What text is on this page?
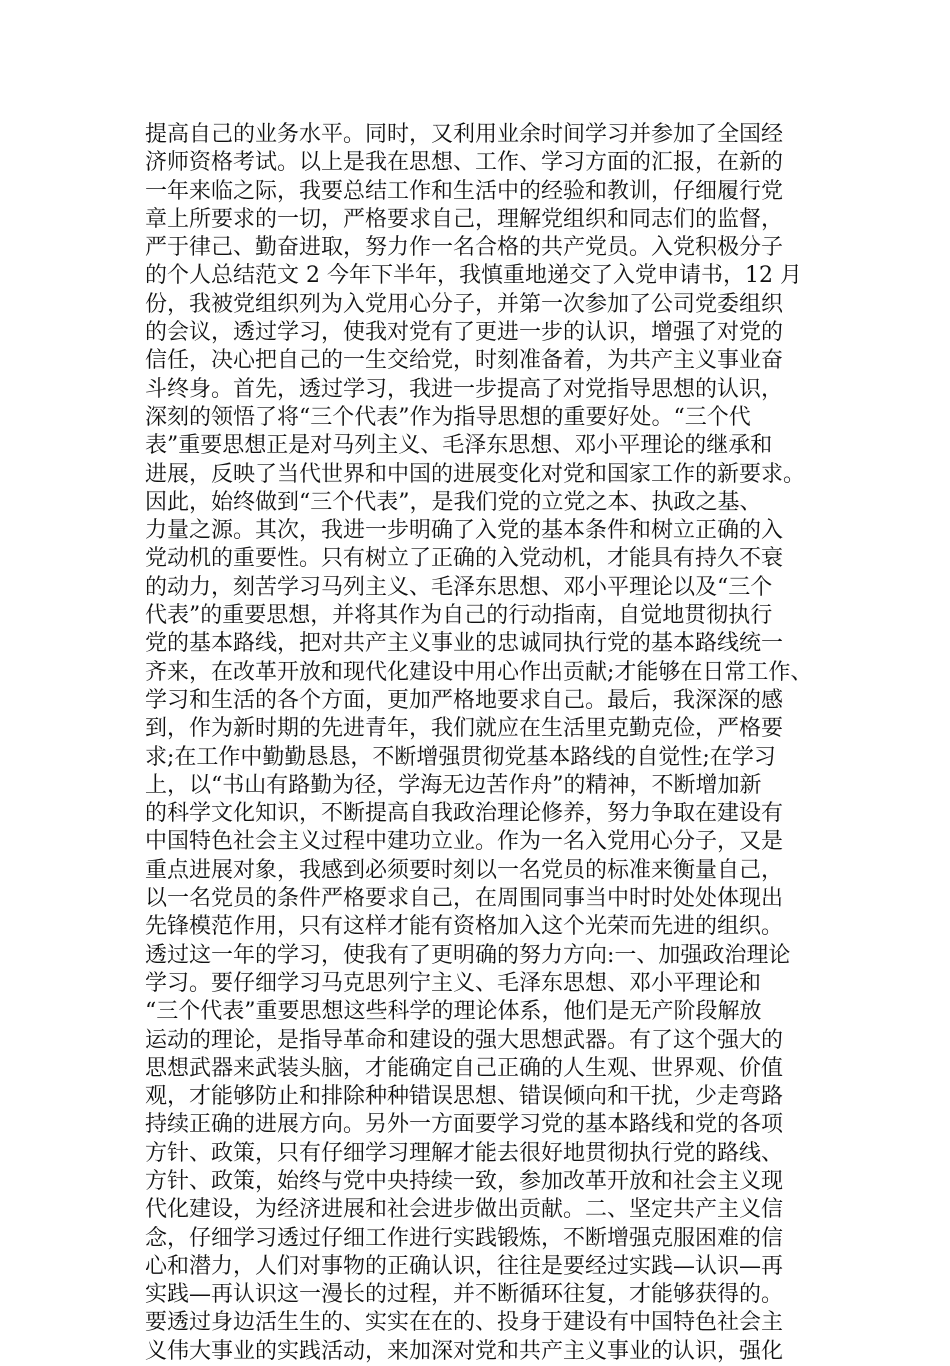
提高自己的业务水平。同时，又利用业余时间学习并参加了全国经
济师资格考试。以上是我在思想、工作、学习方面的汇报，在新的
一年来临之际，我要总结工作和生活中的经验和教训，仔细履行党
章上所要求的一切，严格要求自己，理解党组织和同志们的监督，
严于律己、勤奋进取，努力作一名合格的共产党员。入党积极分子
的个人总结范文 2 今年下半年，我慎重地递交了入党申请书，12 月
份，我被党组织列为入党用心分子，并第一次参加了公司党委组织
的会议，透过学习，使我对党有了更进一步的认识，增强了对党的
信任，决心把自己的一生交给党，时刻准备着，为共产主义事业奋
斗终身。首先，透过学习，我进一步提高了对党指导思想的认识，
深刻的领悟了将“三个代表”作为指导思想的重要好处。“三个代
表”重要思想正是对马列主义、毛泽东思想、邓小平理论的继承和
进展，反映了当代世界和中国的进展变化对党和国家工作的新要求。
因此，始终做到“三个代表”，是我们党的立党之本、执政之基、
力量之源。其次，我进一步明确了入党的基本条件和树立正确的入
党动机的重要性。只有树立了正确的入党动机，才能具有持久不衰
的动力，刻苦学习马列主义、毛泽东思想、邓小平理论以及“三个
代表”的重要思想，并将其作为自己的行动指南，自觉地贯彻执行
党的基本路线，把对共产主义事业的忠诚同执行党的基本路线统一
齐来，在改革开放和现代化建设中用心作出贡献;才能够在日常工作、
学习和生活的各个方面，更加严格地要求自己。最后，我深深的感
到，作为新时期的先进青年，我们就应在生活里克勤克俭，严格要
求;在工作中勤勤恳恳，不断增强贯彻党基本路线的自觉性;在学习
上，以“书山有路勤为径，学海无边苦作舟”的精神，不断增加新
的科学文化知识，不断提高自我政治理论修养，努力争取在建设有
中国特色社会主义过程中建功立业。作为一名入党用心分子，又是
重点进展对象，我感到必须要时刻以一名党员的标准来衡量自己，
以一名党员的条件严格要求自己，在周围同事当中时时处处体现出
先锋模范作用，只有这样才能有资格加入这个光荣而先进的组织。
透过这一年的学习，使我有了更明确的努力方向:一、加强政治理论
学习。要仔细学习马克思列宁主义、毛泽东思想、邓小平理论和
“三个代表”重要思想这些科学的理论体系，他们是无产阶段解放
运动的理论，是指导革命和建设的强大思想武器。有了这个强大的
思想武器来武装头脑，才能确定自己正确的人生观、世界观、价值
观，才能够防止和排除种种错误思想、错误倾向和干扰，少走弯路
持续正确的进展方向。另外一方面要学习党的基本路线和党的各项
方针、政策，只有仔细学习理解才能去很好地贯彻执行党的路线、
方针、政策，始终与党中央持续一致，参加改革开放和社会主义现
代化建设，为经济进展和社会进步做出贡献。二、坚定共产主义信
念，仔细学习透过仔细工作进行实践锻炼，不断增强克服困难的信
心和潜力，人们对事物的正确认识，往往是要经过实践—认识—再
实践—再认识这一漫长的过程，并不断循环往复，才能够获得的。
要透过身边活生生的、实实在在的、投身于建设有中国特色社会主
义伟大事业的实践活动，来加深对党和共产主义事业的认识，强化
